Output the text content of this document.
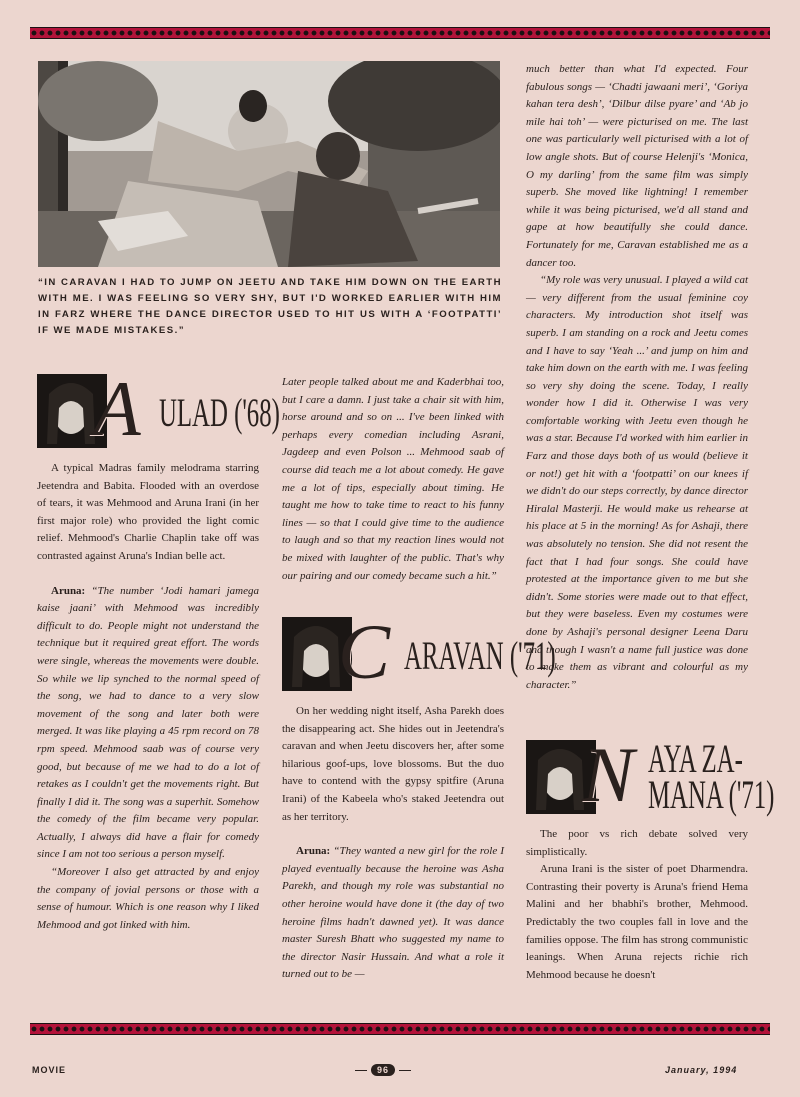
“IN CARAVAN I HAD TO JUMP ON JEETU AND TAKE HIM DOWN ON THE EARTH WITH ME. I WAS FEELING SO VERY SHY, BUT I'D WORKED EARLIER WITH HIM IN FARZ WHERE THE DANCE DIRECTOR USED TO HIT US WITH A ‘FOOTPATTI’ IF WE MADE MISTAKES.”
A ULAD ('68)

A typical Madras family melodrama starring Jeetendra and Babita. Flooded with an overdose of tears, it was Mehmood and Aruna Irani (in her first major role) who provided the light comic relief. Mehmood's Charlie Chaplin take off was contrasted against Aruna's Indian belle act.

Aruna: “The number ‘Jodi hamari jamega kaise jaani’ with Mehmood was incredibly difficult to do. People might not understand the technique but it required great effort. The words were single, whereas the movements were double. So while we lip synched to the normal speed of the song, we had to dance to a very slow movement of the song and later both were merged. It was like playing a 45 rpm record on 78 rpm speed. Mehmood saab was of course very good, but because of me we had to do a lot of retakes as I couldn't get the movements right. But finally I did it. The song was a superhit. Somehow the comedy of the film became very popular. Actually, I always did have a flair for comedy since I am not too serious a person myself.

“Moreover I also get attracted by and enjoy the company of jovial persons or those with a sense of humour. Which is one reason why I liked Mehmood and got linked with him.

Later people talked about me and Kaderbhai too, but I care a damn. I just take a chair sit with him, horse around and so on ... I've been linked with perhaps every comedian including Asrani, Jagdeep and even Polson ... Mehmood saab of course did teach me a lot about comedy. He gave me a lot of tips, especially about timing. He taught me how to take time to react to his funny lines — so that I could give time to the audience to laugh and so that my reaction lines would not be mixed with laughter of the public. That's why our pairing and our comedy became such a hit.”

C ARAVAN ('71)

On her wedding night itself, Asha Parekh does the disappearing act. She hides out in Jeetendra's caravan and when Jeetu discovers her, after some hilarious goof-ups, love blossoms. But the duo have to contend with the gypsy spitfire (Aruna Irani) of the Kabeela who's staked Jeetendra out as her territory.

Aruna: “They wanted a new girl for the role I played eventually because the heroine was Asha Parekh, and though my role was substantial no other heroine would have done it (the day of two heroine films hadn't dawned yet). It was dance master Suresh Bhatt who suggested my name to the director Nasir Hussain. And what a role it turned out to be —

much better than what I'd expected. Four fabulous songs — ‘Chadti jawaani meri’, ‘Goriya kahan tera desh’, ‘Dilbur dilse pyare’ and ‘Ab jo mile hai toh’ — were picturised on me. The last one was particularly well picturised with a lot of low angle shots. But of course Helenji's ‘Monica, O my darling’ from the same film was simply superb. She moved like lightning! I remember while it was being picturised, we'd all stand and gape at how beautifully she could dance. Fortunately for me, Caravan established me as a dancer too.

“My role was very unusual. I played a wild cat — very different from the usual feminine coy characters. My introduction shot itself was superb. I am standing on a rock and Jeetu comes and I have to say ‘Yeah ...’ and jump on him and take him down on the earth with me. I was feeling so very shy doing the scene. Today, I really wonder how I did it. Otherwise I was very comfortable working with Jeetu even though he was a star. Because I'd worked with him earlier in Farz and those days both of us would (believe it or not!) get hit with a ‘footpatti’ on our knees if we didn't do our steps correctly, by dance director Hiralal Masterji. He would make us rehearse at his place at 5 in the morning! As for Ashaji, there was absolutely no tension. She did not resent the fact that I had four songs. She could have protested at the importance given to me but she didn't. Some stories were made out to that effect, but they were baseless. Even my costumes were done by Ashaji's personal designer Leena Daru and though I wasn't a name full justice was done to make them as vibrant and colourful as my character.”

N AYA ZA-
MANA ('71)

The poor vs rich debate solved very simplistically.

Aruna Irani is the sister of poet Dharmendra. Contrasting their poverty is Aruna's friend Hema Malini and her bhabhi's brother, Mehmood. Predictably the two couples fall in love and the families oppose. The film has strong communistic leanings. When Aruna rejects richie rich Mehmood because he doesn't

MOVIE	96	January, 1994
